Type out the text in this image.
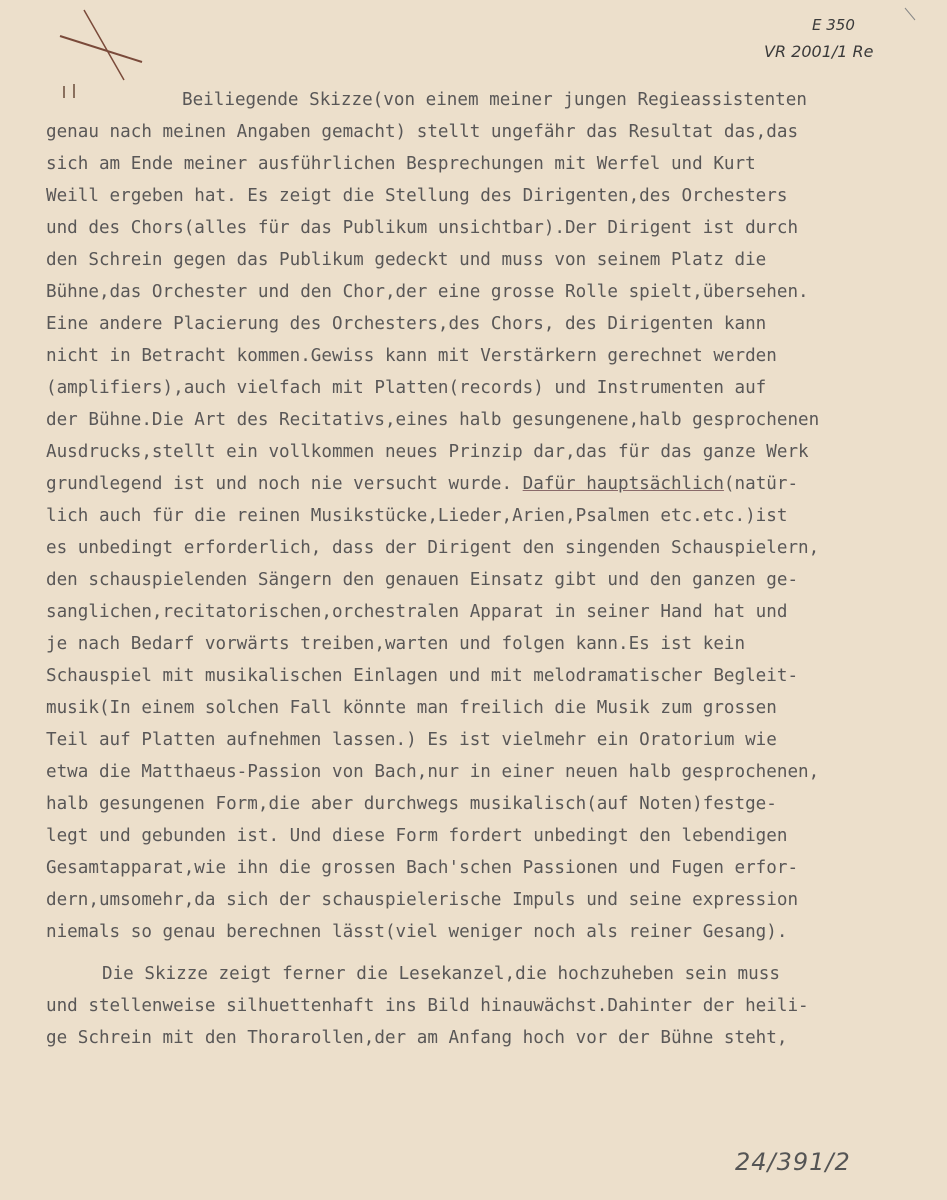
E 350
VR 2001/1 Re
Beiliegende Skizze(von einem meiner jungen Regieassistenten
genau nach meinen Angaben gemacht) stellt ungefähr das Resultat das,das
sich am Ende meiner ausführlichen Besprechungen mit Werfel und Kurt
Weill ergeben hat. Es zeigt die Stellung des Dirigenten,des Orchesters
und des Chors(alles für das Publikum unsichtbar).Der Dirigent ist durch
den Schrein gegen das Publikum gedeckt und muss von seinem Platz die
Bühne,das Orchester und den Chor,der eine grosse Rolle spielt,übersehen.
Eine andere Placierung des Orchesters,des Chors, des Dirigenten kann
nicht in Betracht kommen.Gewiss kann mit Verstärkern gerechnet werden
(amplifiers),auch vielfach mit Platten(records) und Instrumenten auf
der Bühne.Die Art des Recitativs,eines halb gesungenene,halb gesprochenen
Ausdrucks,stellt ein vollkommen neues Prinzip dar,das für das ganze Werk
grundlegend ist und noch nie versucht wurde. Dafür hauptsächlich(natür-
lich auch für die reinen Musikstücke,Lieder,Arien,Psalmen etc.etc.)ist
es unbedingt erforderlich, dass der Dirigent den singenden Schauspielern,
den schauspielenden Sängern den genauen Einsatz gibt und den ganzen ge-
sanglichen,recitatorischen,orchestralen Apparat in seiner Hand hat und
je nach Bedarf vorwärts treiben,warten und folgen kann.Es ist kein
Schauspiel mit musikalischen Einlagen und mit melodramatischer Begleit-
musik(In einem solchen Fall könnte man freilich die Musik zum grossen
Teil auf Platten aufnehmen lassen.) Es ist vielmehr ein Oratorium wie
etwa die Matthaeus-Passion von Bach,nur in einer neuen halb gesprochenen,
halb gesungenen Form,die aber durchwegs musikalisch(auf Noten)festge-
legt und gebunden ist. Und diese Form fordert unbedingt den lebendigen
Gesamtapparat,wie ihn die grossen Bach'schen Passionen und Fugen erfor-
dern,umsomehr,da sich der schauspielerische Impuls und seine expression
niemals so genau berechnen lässt(viel weniger noch als reiner Gesang).
Die Skizze zeigt ferner die Lesekanzel,die hochzuheben sein muss
und stellenweise silhuettenhaft ins Bild hinauwächst.Dahinter der heili-
ge Schrein mit den Thorarollen,der am Anfang hoch vor der Bühne steht,
24/391/2
